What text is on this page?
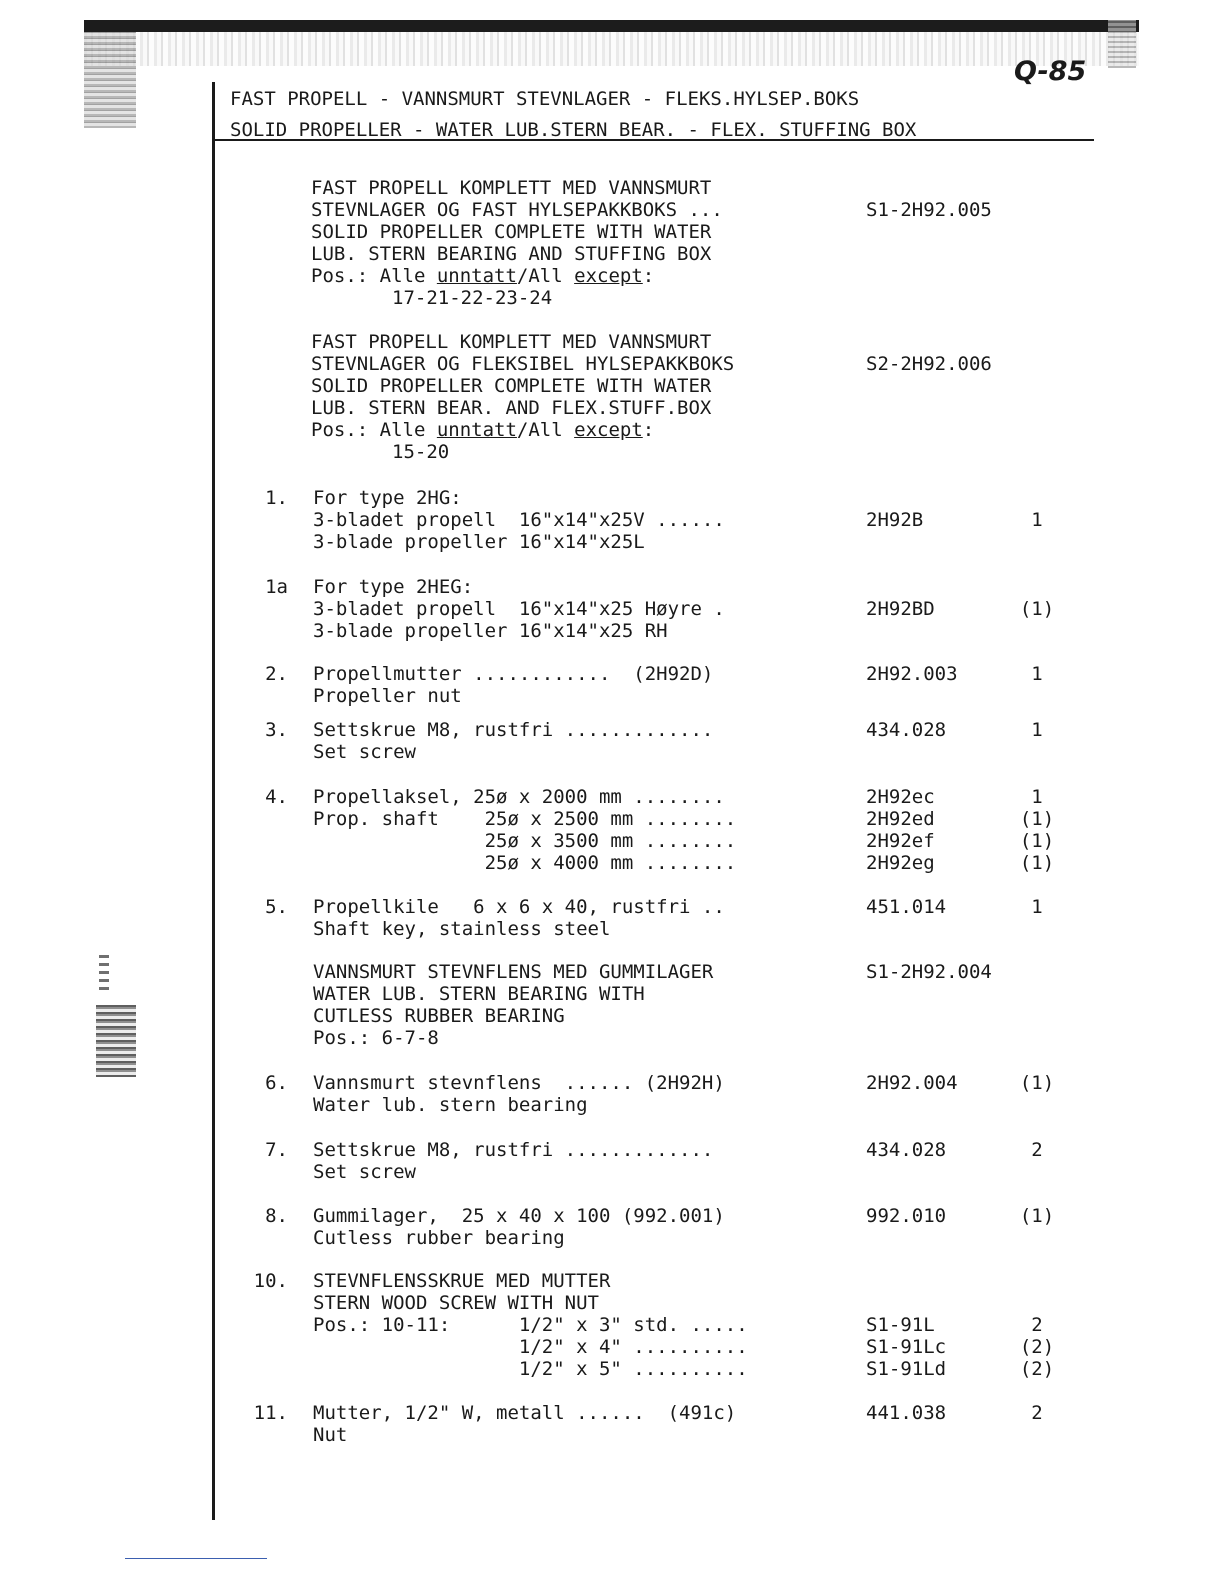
Q-85
FAST PROPELL - VANNSMURT STEVNLAGER - FLEKS.HYLSEP.BOKS
SOLID PROPELLER - WATER LUB.STERN BEAR. - FLEX. STUFFING BOX
FAST PROPELL KOMPLETT MED VANNSMURT
STEVNLAGER OG FAST HYLSEPAKKBOKS ...
SOLID PROPELLER COMPLETE WITH WATER
LUB. STERN BEARING AND STUFFING BOX
S1-2H92.005
Pos.: Alle unntatt/All except:
17-21-22-23-24
FAST PROPELL KOMPLETT MED VANNSMURT
STEVNLAGER OG FLEKSIBEL HYLSEPAKKBOKS
SOLID PROPELLER COMPLETE WITH WATER
LUB. STERN BEAR. AND FLEX.STUFF.BOX
S2-2H92.006
Pos.: Alle unntatt/All except:
15-20
1. For type 2HG:
3-bladet propell  16"x14"x25V ......	2H92B	1
3-blade propeller 16"x14"x25L
1a For type 2HEG:
3-bladet propell  16"x14"x25 Høyre .	2H92BD	(1)
3-blade propeller 16"x14"x25 RH
2. Propellmutter ............  (2H92D)	2H92.003	1
Propeller nut
3. Settskrue M8, rustfri .............	434.028	1
Set screw
4. Propellaksel, 25ø x 2000 mm ........	2H92ec	1
Prop. shaft    25ø x 2500 mm ........	2H92ed	(1)
25ø x 3500 mm ........	2H92ef	(1)
25ø x 4000 mm ........	2H92eg	(1)
5. Propellkile   6 x 6 x 40, rustfri ..	451.014	1
Shaft key, stainless steel
VANNSMURT STEVNFLENS MED GUMMILAGER	S1-2H92.004
WATER LUB. STERN BEARING WITH
CUTLESS RUBBER BEARING
Pos.: 6-7-8
6. Vannsmurt stevnflens  ...... (2H92H)	2H92.004	(1)
Water lub. stern bearing
7. Settskrue M8, rustfri .............	434.028	2
Set screw
8. Gummilager,  25 x 40 x 100 (992.001)	992.010	(1)
Cutless rubber bearing
10. STEVNFLENSSKRUE MED MUTTER
STERN WOOD SCREW WITH NUT
Pos.: 10-11:      1/2" x 3" std. .....	S1-91L	2
1/2" x 4" ..........	S1-91Lc	(2)
1/2" x 5" ..........	S1-91Ld	(2)
11. Mutter, 1/2" W, metall ......  (491c)	441.038	2
Nut
